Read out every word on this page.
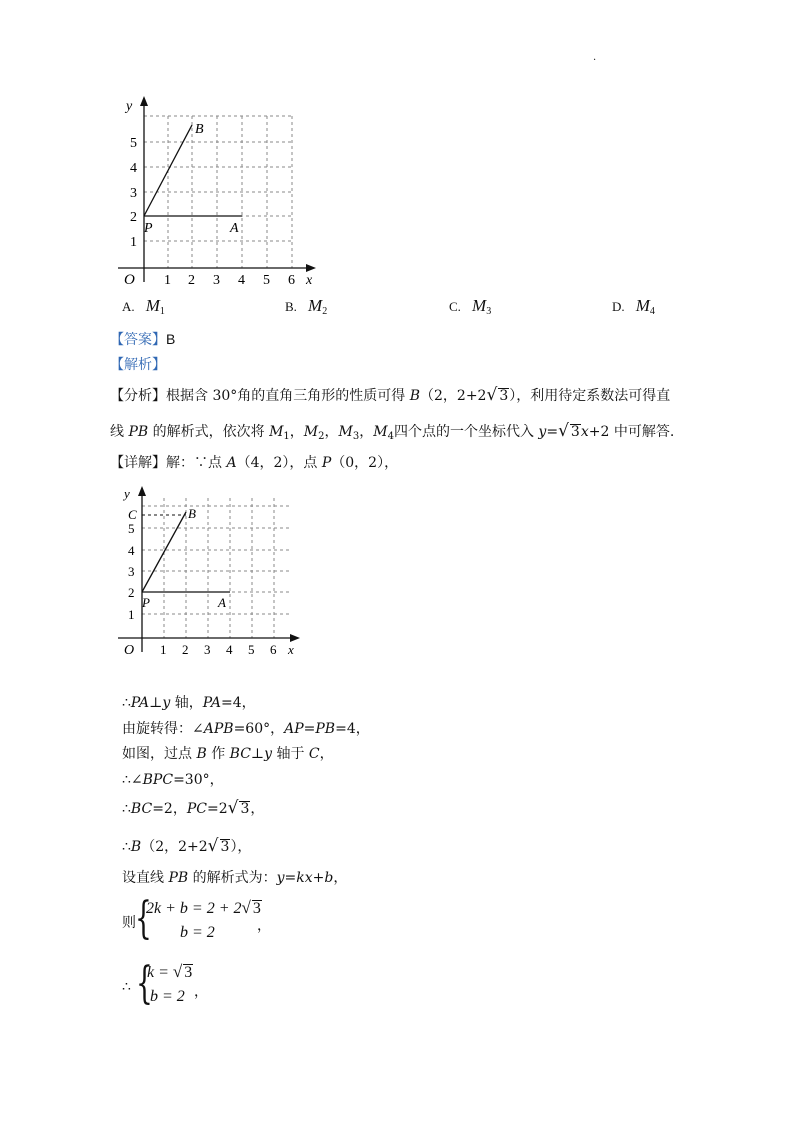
.
y
x
O 1 2 3 4 5 6
1
2
3
4
5
B
P	A
A. $M_1$	B. $M_2$	C. $M_3$	D. $M_4$
【答案】B
【解析】
【分析】根据含 30°角的直角三角形的性质可得 B（2，2+2√ 3），利用待定系数法可得直
线 PB 的解析式，依次将 $M_1$，$M_2$，$M_3$，$M_4$四个点的一个坐标代入 y=√ 3x+2 中可解答.
【详解】解：∵点 A（4，2），点 P（0，2），
y
x
O 1 2 3 4 5 6
1
2
3
4
5
C	B
P	A
∴PA⊥y 轴，PA=4，
由旋转得：∠APB=60°，AP=PB=4，
如图，过点 B 作 BC⊥y 轴于 C，
∴∠BPC=30°，
∴BC=2，PC=2√ 3，
∴B（2，2+2√ 3），
设直线 PB 的解析式为：y=kx+b，
则 {
2k + b = 2 + 2√ 3
b = 2	，
∴ {
k = √ 3
b = 2 ，
